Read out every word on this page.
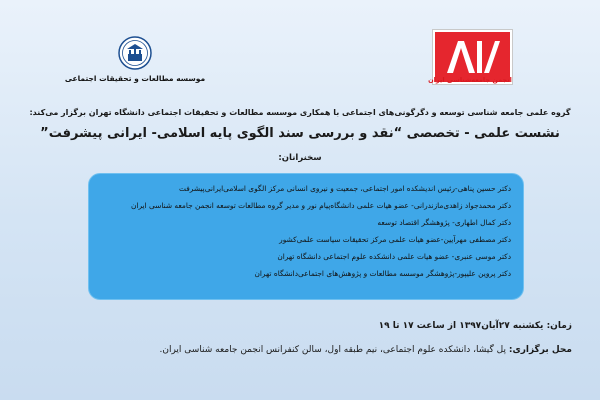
موسسه مطالعات و تحقیقات اجتماعی	انجمن جامعه‌شناسی ایران
گروه علمی جامعه شناسی توسعه و دگرگونی‌های اجتماعی با همکاری موسسه مطالعات و تحقیقات اجتماعی دانشگاه تهران برگزار می‌کند:
نشست علمی - تخصصی “نقد و بررسی سند الگوی پایه اسلامی- ایرانی پیشرفت”
سخنرانان:
دکتر حسین پناهی-رئیس اندیشکده امور اجتماعی، جمعیت و نیروی انسانی مرکز الگوی اسلامی‌ایرانی‌پیشرفت
دکتر محمدجواد زاهدی‌مازندرانی- عضو هیات علمی دانشگاه‌پیام نور و مدیر گروه مطالعات توسعه انجمن جامعه شناسی ایران
دکتر کمال اطهاری- پژوهشگر اقتصاد توسعه
دکتر مصطفی مهرآیین-عضو هیات علمی مرکز تحقیقات سیاست علمی‌کشور
دکتر موسی عنبری- عضو هیات علمی دانشکده علوم اجتماعی دانشگاه تهران
دکتر پروین علیپور-پژوهشگر موسسه مطالعات و پژوهش‌های اجتماعی‌دانشگاه تهران
زمان: یکشنبه ۲۷آبان۱۳۹۷ از ساعت ۱۷ تا ۱۹
محل برگزاری: پل گیشا، دانشکده علوم اجتماعی، نیم طبقه اول، سالن کنفرانس انجمن جامعه شناسی ایران.
